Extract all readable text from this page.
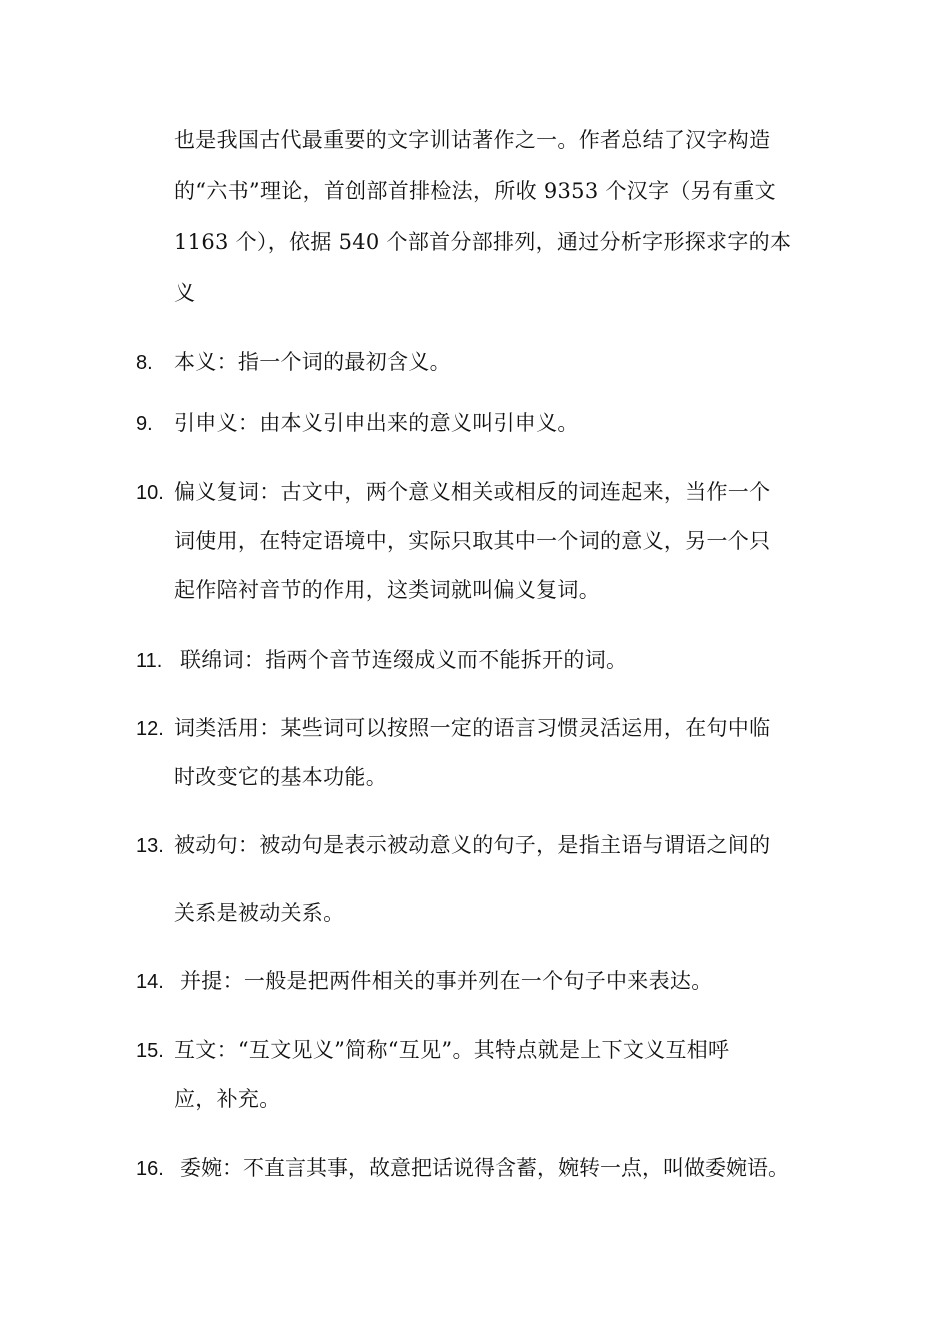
也是我国古代最重要的文字训诂著作之一。作者总结了汉字构造
的“六书”理论，首创部首排检法，所收 9353 个汉字（另有重文
1163 个），依据 540 个部首分部排列，通过分析字形探求字的本
义
8. 本义：指一个词的最初含义。
9. 引申义：由本义引申出来的意义叫引申义。
10. 偏义复词：古文中，两个意义相关或相反的词连起来，当作一个
词使用，在特定语境中，实际只取其中一个词的意义，另一个只
起作陪衬音节的作用，这类词就叫偏义复词。
11. 联绵词：指两个音节连缀成义而不能拆开的词。
12. 词类活用：某些词可以按照一定的语言习惯灵活运用，在句中临
时改变它的基本功能。
13. 被动句：被动句是表示被动意义的句子，是指主语与谓语之间的
关系是被动关系。
14. 并提：一般是把两件相关的事并列在一个句子中来表达。
15. 互文：“互文见义”简称“互见”。其特点就是上下文义互相呼
应，补充。
16. 委婉：不直言其事，故意把话说得含蓄，婉转一点，叫做委婉语。
